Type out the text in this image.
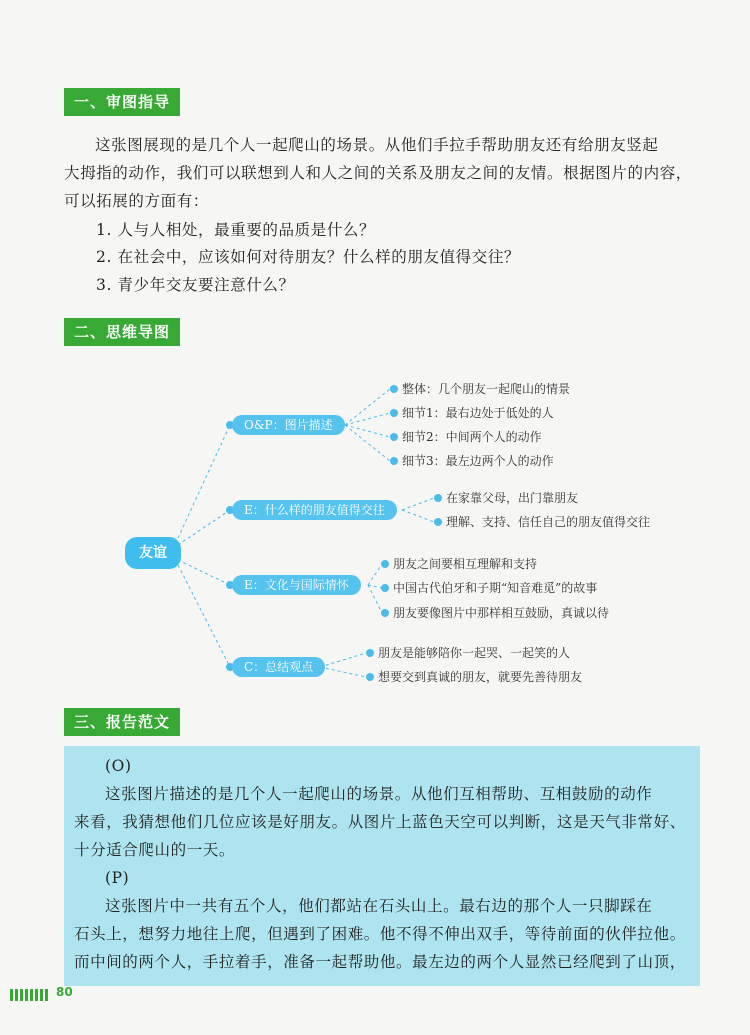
一、审图指导

这张图展现的是几个人一起爬山的场景。从他们手拉手帮助朋友还有给朋友竖起
大拇指的动作，我们可以联想到人和人之间的关系及朋友之间的友情。根据图片的内容，
可以拓展的方面有：

1. 人与人相处，最重要的品质是什么？
2. 在社会中，应该如何对待朋友？什么样的朋友值得交往？
3. 青少年交友要注意什么？
二、思维导图
友谊
O&P：图片描述
E：什么样的朋友值得交往
E：文化与国际情怀
C：总结观点
整体：几个朋友一起爬山的情景
细节1：最右边处于低处的人
细节2：中间两个人的动作
细节3：最左边两个人的动作
在家靠父母，出门靠朋友
理解、支持、信任自己的朋友值得交往
朋友之间要相互理解和支持
中国古代伯牙和子期“知音难觅”的故事
朋友要像图片中那样相互鼓励，真诚以待
朋友是能够陪你一起哭、一起笑的人
想要交到真诚的朋友，就要先善待朋友
三、报告范文
(O)
这张图片描述的是几个人一起爬山的场景。从他们互相帮助、互相鼓励的动作
来看，我猜想他们几位应该是好朋友。从图片上蓝色天空可以判断，这是天气非常好、
十分适合爬山的一天。
(P)
这张图片中一共有五个人，他们都站在石头山上。最右边的那个人一只脚踩在
石头上，想努力地往上爬，但遇到了困难。他不得不伸出双手，等待前面的伙伴拉他。
而中间的两个人，手拉着手，准备一起帮助他。最左边的两个人显然已经爬到了山顶，
80
